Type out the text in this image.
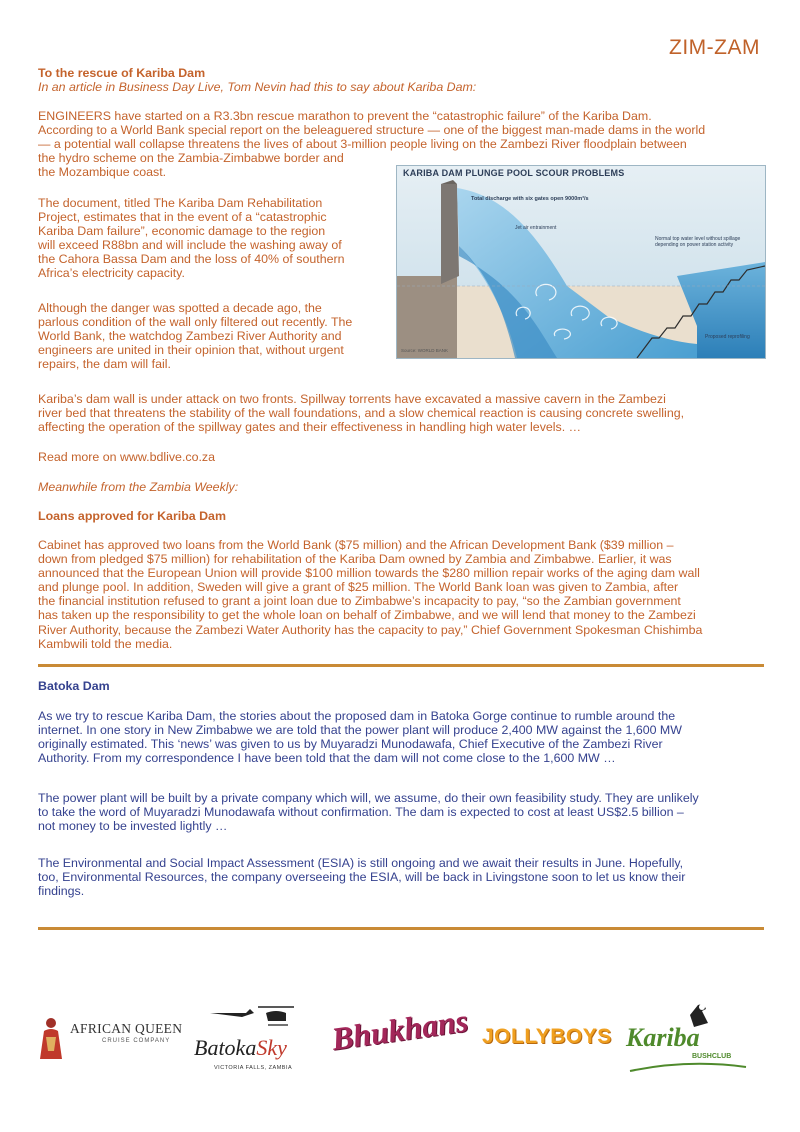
ZIM-ZAM

To the rescue of Kariba Dam

In an article in Business Day Live, Tom Nevin had this to say about Kariba Dam:

ENGINEERS have started on a R3.3bn rescue marathon to prevent the “catastrophic failure” of the Kariba Dam.

According to a World Bank special report on the beleaguered structure — one of the biggest man-made dams in the world

— a potential wall collapse threatens the lives of about 3-million people living on the Zambezi River floodplain between

the hydro scheme on the Zambia-Zimbabwe border and

the Mozambique coast.

The document, titled The Kariba Dam Rehabilitation

Project, estimates that in the event of a “catastrophic

Kariba Dam failure”, economic damage to the region

will exceed R88bn and will include the washing away of

the Cahora Bassa Dam and the loss of 40% of southern

Africa’s electricity capacity.

Although the danger was spotted a decade ago, the

parlous condition of the wall only filtered out recently. The

World Bank, the watchdog Zambezi River Authority and

engineers are united in their opinion that, without urgent

repairs, the dam will fail.

KARIBA DAM PLUNGE POOL SCOUR PROBLEMS
Total discharge with six gates open 9000m³/s
Jet air entrainment
Normal top water level without spillage
depending on power station activity
Proposed reprofiling
Source: WORLD BANK

Kariba’s dam wall is under attack on two fronts. Spillway torrents have excavated a massive cavern in the Zambezi

river bed that threatens the stability of the wall foundations, and a slow chemical reaction is causing concrete swelling,

affecting the operation of the spillway gates and their effectiveness in handling high water levels. …

Read more on www.bdlive.co.za

Meanwhile from the Zambia Weekly:

Loans approved for Kariba Dam

Cabinet has approved two loans from the World Bank ($75 million) and the African Development Bank ($39 million –

down from pledged $75 million) for rehabilitation of the Kariba Dam owned by Zambia and Zimbabwe. Earlier, it was

announced that the European Union will provide $100 million towards the $280 million repair works of the aging dam wall

and plunge pool. In addition, Sweden will give a grant of $25 million. The World Bank loan was given to Zambia, after

the financial institution refused to grant a joint loan due to Zimbabwe’s incapacity to pay, “so the Zambian government

has taken up the responsibility to get the whole loan on behalf of Zimbabwe, and we will lend that money to the Zambezi

River Authority, because the Zambezi Water Authority has the capacity to pay,” Chief Government Spokesman Chishimba

Kambwili told the media.

Batoka Dam

As we try to rescue Kariba Dam, the stories about the proposed dam in Batoka Gorge continue to rumble around the

internet. In one story in New Zimbabwe we are told that the power plant will produce 2,400 MW against the 1,600 MW

originally estimated. This ‘news’ was given to us by Muyaradzi Munodawafa, Chief Executive of the Zambezi River

Authority. From my correspondence I have been told that the dam will not come close to the 1,600 MW …

The power plant will be built by a private company which will, we assume, do their own feasibility study. They are unlikely

to take the word of Muyaradzi Munodawafa without confirmation. The dam is expected to cost at least US$2.5 billion –

not money to be invested lightly …

The Environmental and Social Impact Assessment (ESIA) is still ongoing and we await their results in June. Hopefully,

too, Environmental Resources, the company overseeing the ESIA, will be back in Livingstone soon to let us know their

findings.

AFRICAN QUEEN
CRUISE COMPANY BatokaSky
VICTORIA FALLS, ZAMBIA
Bhukhans JOLLYBOYS Kariba
BUSHCLUB
